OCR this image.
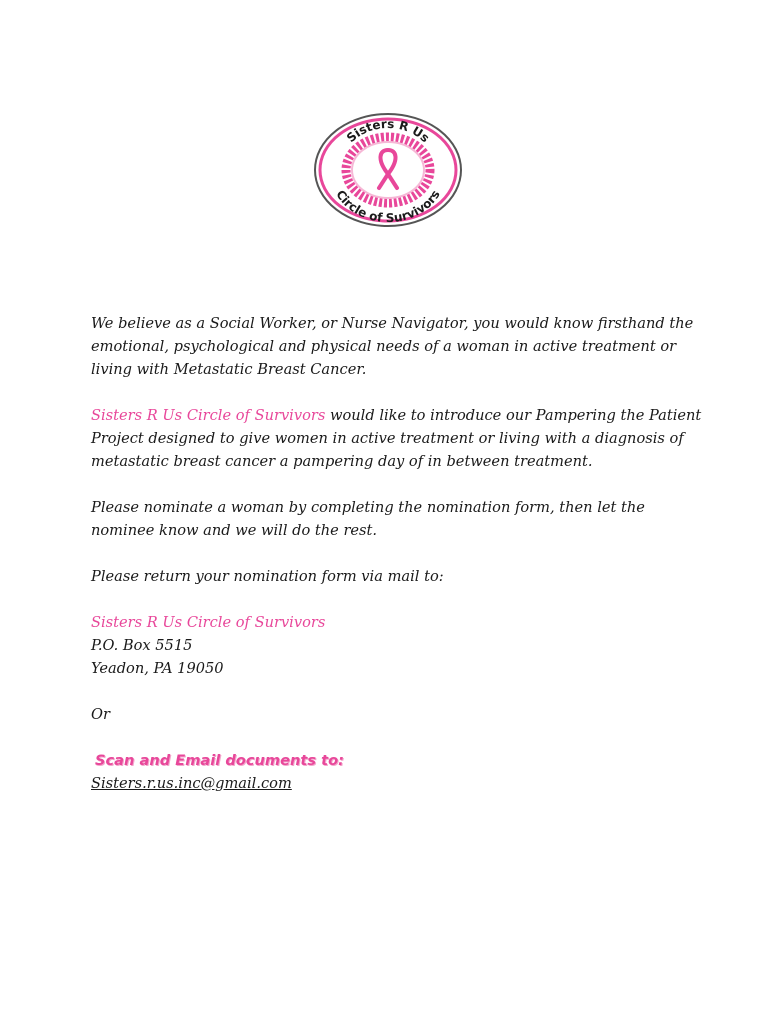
Sisters R Us
Circle of Survivors

We believe as a Social Worker, or Nurse Navigator, you would know firsthand the emotional, psychological and physical needs of a woman in active treatment or living with Metastatic Breast Cancer.

Sisters R Us Circle of Survivors would like to introduce our Pampering the Patient Project designed to give women in active treatment or living with a diagnosis of metastatic breast cancer a pampering day of in between treatment.

Please nominate a woman by completing the nomination form, then let the nominee know and we will do the rest.

Please return your nomination form via mail to:

Sisters R Us Circle of Survivors
P.O. Box 5515
Yeadon, PA 19050

Or

Scan and Email documents to:
Sisters.r.us.inc@gmail.com
